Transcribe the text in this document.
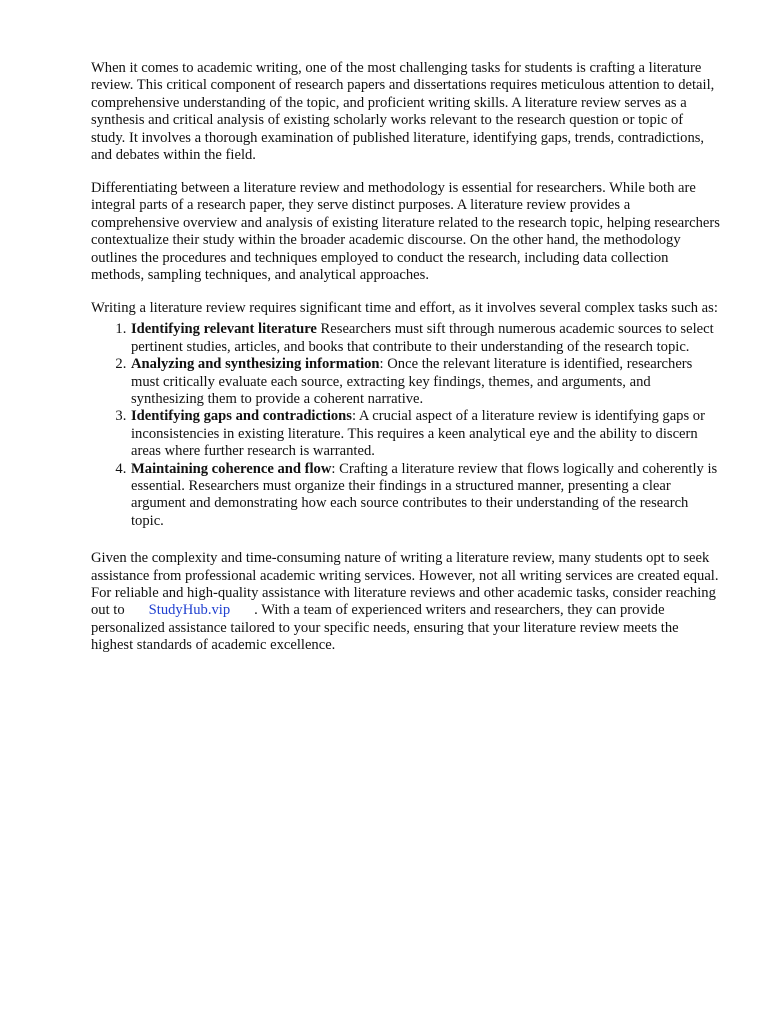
When it comes to academic writing, one of the most challenging tasks for students is crafting a literature review. This critical component of research papers and dissertations requires meticulous attention to detail, comprehensive understanding of the topic, and proficient writing skills. A literature review serves as a synthesis and critical analysis of existing scholarly works relevant to the research question or topic of study. It involves a thorough examination of published literature, identifying gaps, trends, contradictions, and debates within the field.

Differentiating between a literature review and methodology is essential for researchers. While both are integral parts of a research paper, they serve distinct purposes. A literature review provides a comprehensive overview and analysis of existing literature related to the research topic, helping researchers contextualize their study within the broader academic discourse. On the other hand, the methodology outlines the procedures and techniques employed to conduct the research, including data collection methods, sampling techniques, and analytical approaches.

Writing a literature review requires significant time and effort, as it involves several complex tasks such as:

1. Identifying relevant literature Researchers must sift through numerous academic sources to select pertinent studies, articles, and books that contribute to their understanding of the research topic.
2. Analyzing and synthesizing information: Once the relevant literature is identified, researchers must critically evaluate each source, extracting key findings, themes, and arguments, and synthesizing them to provide a coherent narrative.
3. Identifying gaps and contradictions: A crucial aspect of a literature review is identifying gaps or inconsistencies in existing literature. This requires a keen analytical eye and the ability to discern areas where further research is warranted.
4. Maintaining coherence and flow: Crafting a literature review that flows logically and coherently is essential. Researchers must organize their findings in a structured manner, presenting a clear argument and demonstrating how each source contributes to their understanding of the research topic.

Given the complexity and time-consuming nature of writing a literature review, many students opt to seek assistance from professional academic writing services. However, not all writing services are created equal. For reliable and high-quality assistance with literature reviews and other academic tasks, consider reaching out to StudyHub.vip . With a team of experienced writers and researchers, they can provide personalized assistance tailored to your specific needs, ensuring that your literature review meets the highest standards of academic excellence.
